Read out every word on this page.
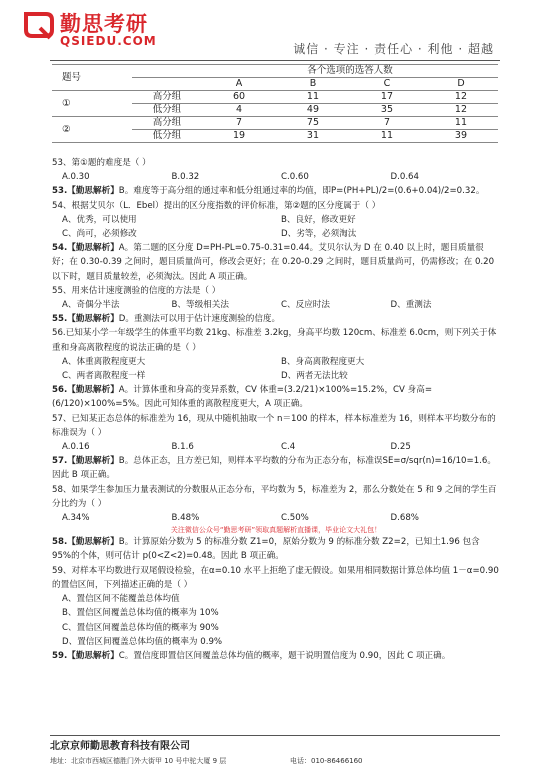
勤思考研
QSIEDU.COM
诚信 · 专注 · 责任心 · 利他 · 超越
题号		各个选项的选答人数			
		A	B	C	D
①	高分组	60	11	17	12
	低分组	4	49	35	12
②	高分组	7	75	7	11
	低分组	19	31	11	39

53、第①题的难度是（ ）

A.0.30	B.0.32	C.0.60	D.0.64

53.【勤思解析】B。难度等于高分组的通过率和低分组通过率的均值，即P=(PH+PL)/2=(0.6+0.04)/2=0.32。

54、根据艾贝尔（L．Ebel）提出的区分度指数的评价标准，第②题的区分度属于（ ）

A、优秀，可以使用	B、良好，修改更好
C、尚可，必须修改	D、劣等，必须淘汰

54.【勤思解析】A。第二题的区分度 D=PH-PL=0.75-0.31=0.44。艾贝尔认为 D 在 0.40 以上时，题目质量很好；在 0.30-0.39 之间时，题目质量尚可，修改会更好；在 0.20-0.29 之间时，题目质量尚可，仍需修改；在 0.20 以下时，题目质量较差，必须淘汰。因此 A 项正确。

55、用来估计速度测验的信度的方法是（ ）

A、奇偶分半法	B、等级相关法	C、反应时法	D、重测法

55.【勤思解析】D。重测法可以用于估计速度测验的信度。

56.已知某小学一年级学生的体重平均数 21kg、标准差 3.2kg，身高平均数 120cm、标准差 6.0cm，则下列关于体重和身高离散程度的说法正确的是（ ）

A、体重离散程度更大	B、身高离散程度更大
C、两者离散程度一样	D、两者无法比较

56.【勤思解析】A。计算体重和身高的变异系数，CV 体重=(3.2/21)×100%=15.2%，CV 身高=(6/120)×100%=5%。因此可知体重的离散程度更大，A 项正确。

57、已知某正态总体的标准差为 16，现从中随机抽取一个 n＝100 的样本，样本标准差为 16，则样本平均数分布的标准误为（ ）

A.0.16	B.1.6	C.4	D.25

57.【勤思解析】B。总体正态，且方差已知，则样本平均数的分布为正态分布，标准误SE=σ/sqr(n)=16/10=1.6。因此 B 项正确。

58、如果学生参加压力量表测试的分数服从正态分布，平均数为 5，标准差为 2，那么分数处在 5 和 9 之间的学生百分比约为（ ）

A.34%	B.48%	C.50%	D.68%

关注微信公众号“勤思考研”领取真题解析直播课，毕业论文大礼包！

58.【勤思解析】B。计算原始分数为 5 的标准分数 Z1=0，原始分数为 9 的标准分数 Z2=2，已知土1.96 包含 95%的个体，则可估计 p(0<Z<2)=0.48。因此 B 项正确。

59、对样本平均数进行双尾假设检验，在α=0.10 水平上拒绝了虚无假设。如果用相同数据计算总体均值 1－α=0.90 的置信区间，下列描述正确的是（ ）

A、置信区间不能覆盖总体均值

B、置信区间覆盖总体均值的概率为 10%

C、置信区间覆盖总体均值的概率为 90%

D、置信区间覆盖总体均值的概率为 0.9%

59.【勤思解析】C。置信度即置信区间覆盖总体均值的概率，题干说明置信度为 0.90，因此 C 项正确。

北京京师勤思教育科技有限公司
地址：北京市西城区德胜门外大街甲 10 号中驼大厦 9 层	电话：010-86466160
